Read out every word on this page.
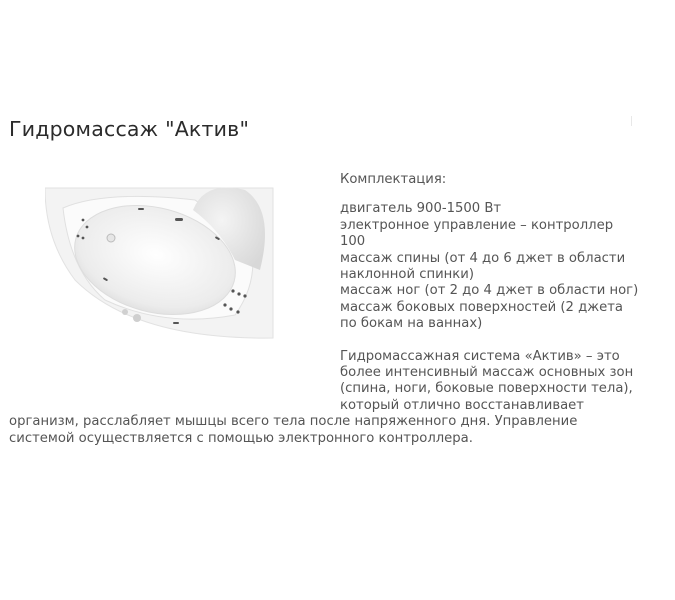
Гидромассаж "Актив"

Комплектация:

двигатель 900-1500 Вт
электронное управление – контроллер 100
массаж спины (от 4 до 6 джет в области наклонной спинки)
массаж ног (от 2 до 4 джет в области ног)
массаж боковых поверхностей (2 джета по бокам на ваннах)

Гидромассажная система «Актив» – это более интенсивный массаж основных зон (спина, ноги, боковые поверхности тела), который отлично восстанавливает организм, расслабляет мышцы всего тела после напряженного дня. Управление системой осуществляется с помощью электронного контроллера.
